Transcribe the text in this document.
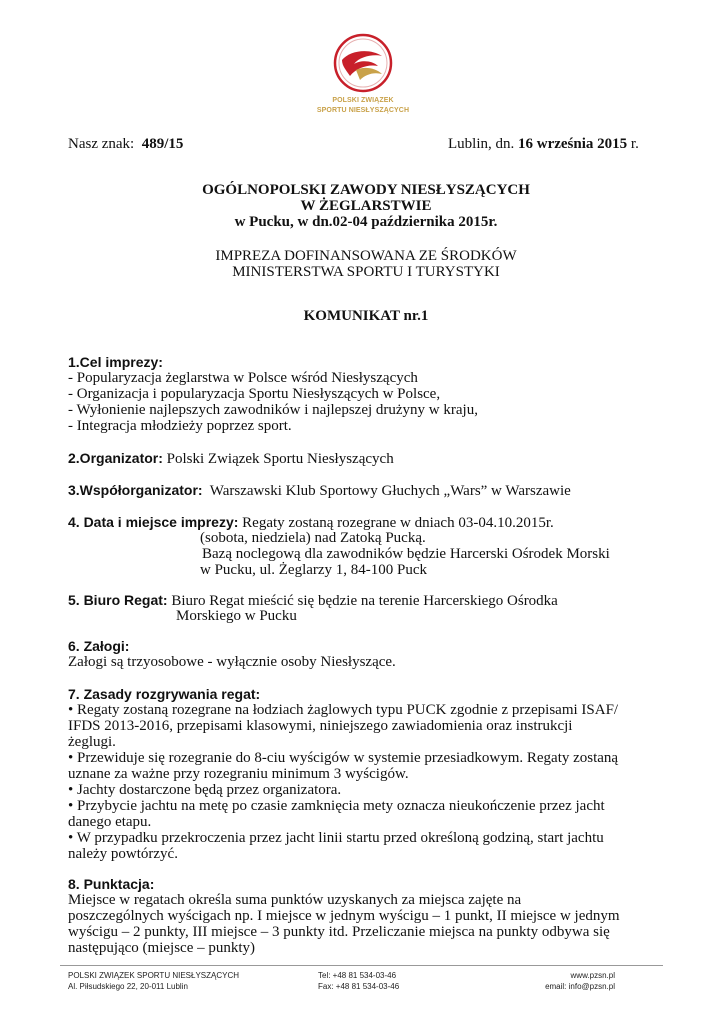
POLSKI ZWIĄZEK
SPORTU NIESŁYSZĄCYCH
Nasz znak: 489/15	Lublin, dn. 16 września 2015 r.
OGÓLNOPOLSKI ZAWODY NIESŁYSZĄCYCH
W ŻEGLARSTWIE
w Pucku, w dn.02-04 października 2015r.
IMPREZA DOFINANSOWANA ZE ŚRODKÓW
MINISTERSTWA SPORTU I TURYSTYKI
KOMUNIKAT nr.1
1.Cel imprezy:
- Popularyzacja żeglarstwa w Polsce wśród Niesłyszących
- Organizacja i popularyzacja Sportu Niesłyszących w Polsce,
- Wyłonienie najlepszych zawodników i najlepszej drużyny w kraju,
- Integracja młodzieży poprzez sport.
2.Organizator: Polski Związek Sportu Niesłyszących
3.Współorganizator: Warszawski Klub Sportowy Głuchych „Wars” w Warszawie
4. Data i miejsce imprezy: Regaty zostaną rozegrane w dniach 03-04.10.2015r.
(sobota, niedziela) nad Zatoką Pucką.
Bazą noclegową dla zawodników będzie Harcerski Ośrodek Morski
w Pucku, ul. Żeglarzy 1, 84-100 Puck
5. Biuro Regat: Biuro Regat mieścić się będzie na terenie Harcerskiego Ośrodka
Morskiego w Pucku
6. Załogi:
Załogi są trzyosobowe - wyłącznie osoby Niesłyszące.
7. Zasady rozgrywania regat:
• Regaty zostaną rozegrane na łodziach żaglowych typu PUCK zgodnie z przepisami ISAF/
IFDS 2013-2016, przepisami klasowymi, niniejszego zawiadomienia oraz instrukcji
żeglugi.
• Przewiduje się rozegranie do 8-ciu wyścigów w systemie przesiadkowym. Regaty zostaną
uznane za ważne przy rozegraniu minimum 3 wyścigów.
• Jachty dostarczone będą przez organizatora.
• Przybycie jachtu na metę po czasie zamknięcia mety oznacza nieukończenie przez jacht
danego etapu.
• W przypadku przekroczenia przez jacht linii startu przed określoną godziną, start jachtu
należy powtórzyć.
8. Punktacja:
Miejsce w regatach określa suma punktów uzyskanych za miejsca zajęte na
poszczególnych wyścigach np. I miejsce w jednym wyścigu – 1 punkt, II miejsce w jednym
wyścigu – 2 punkty, III miejsce – 3 punkty itd. Przeliczanie miejsca na punkty odbywa się
następująco (miejsce – punkty)
POLSKI ZWIĄZEK SPORTU NIESŁYSZĄCYCH
Al. Piłsudskiego 22, 20-011 Lublin
Tel: +48 81 534-03-46
Fax: +48 81 534-03-46
www.pzsn.pl
email: info@pzsn.pl
